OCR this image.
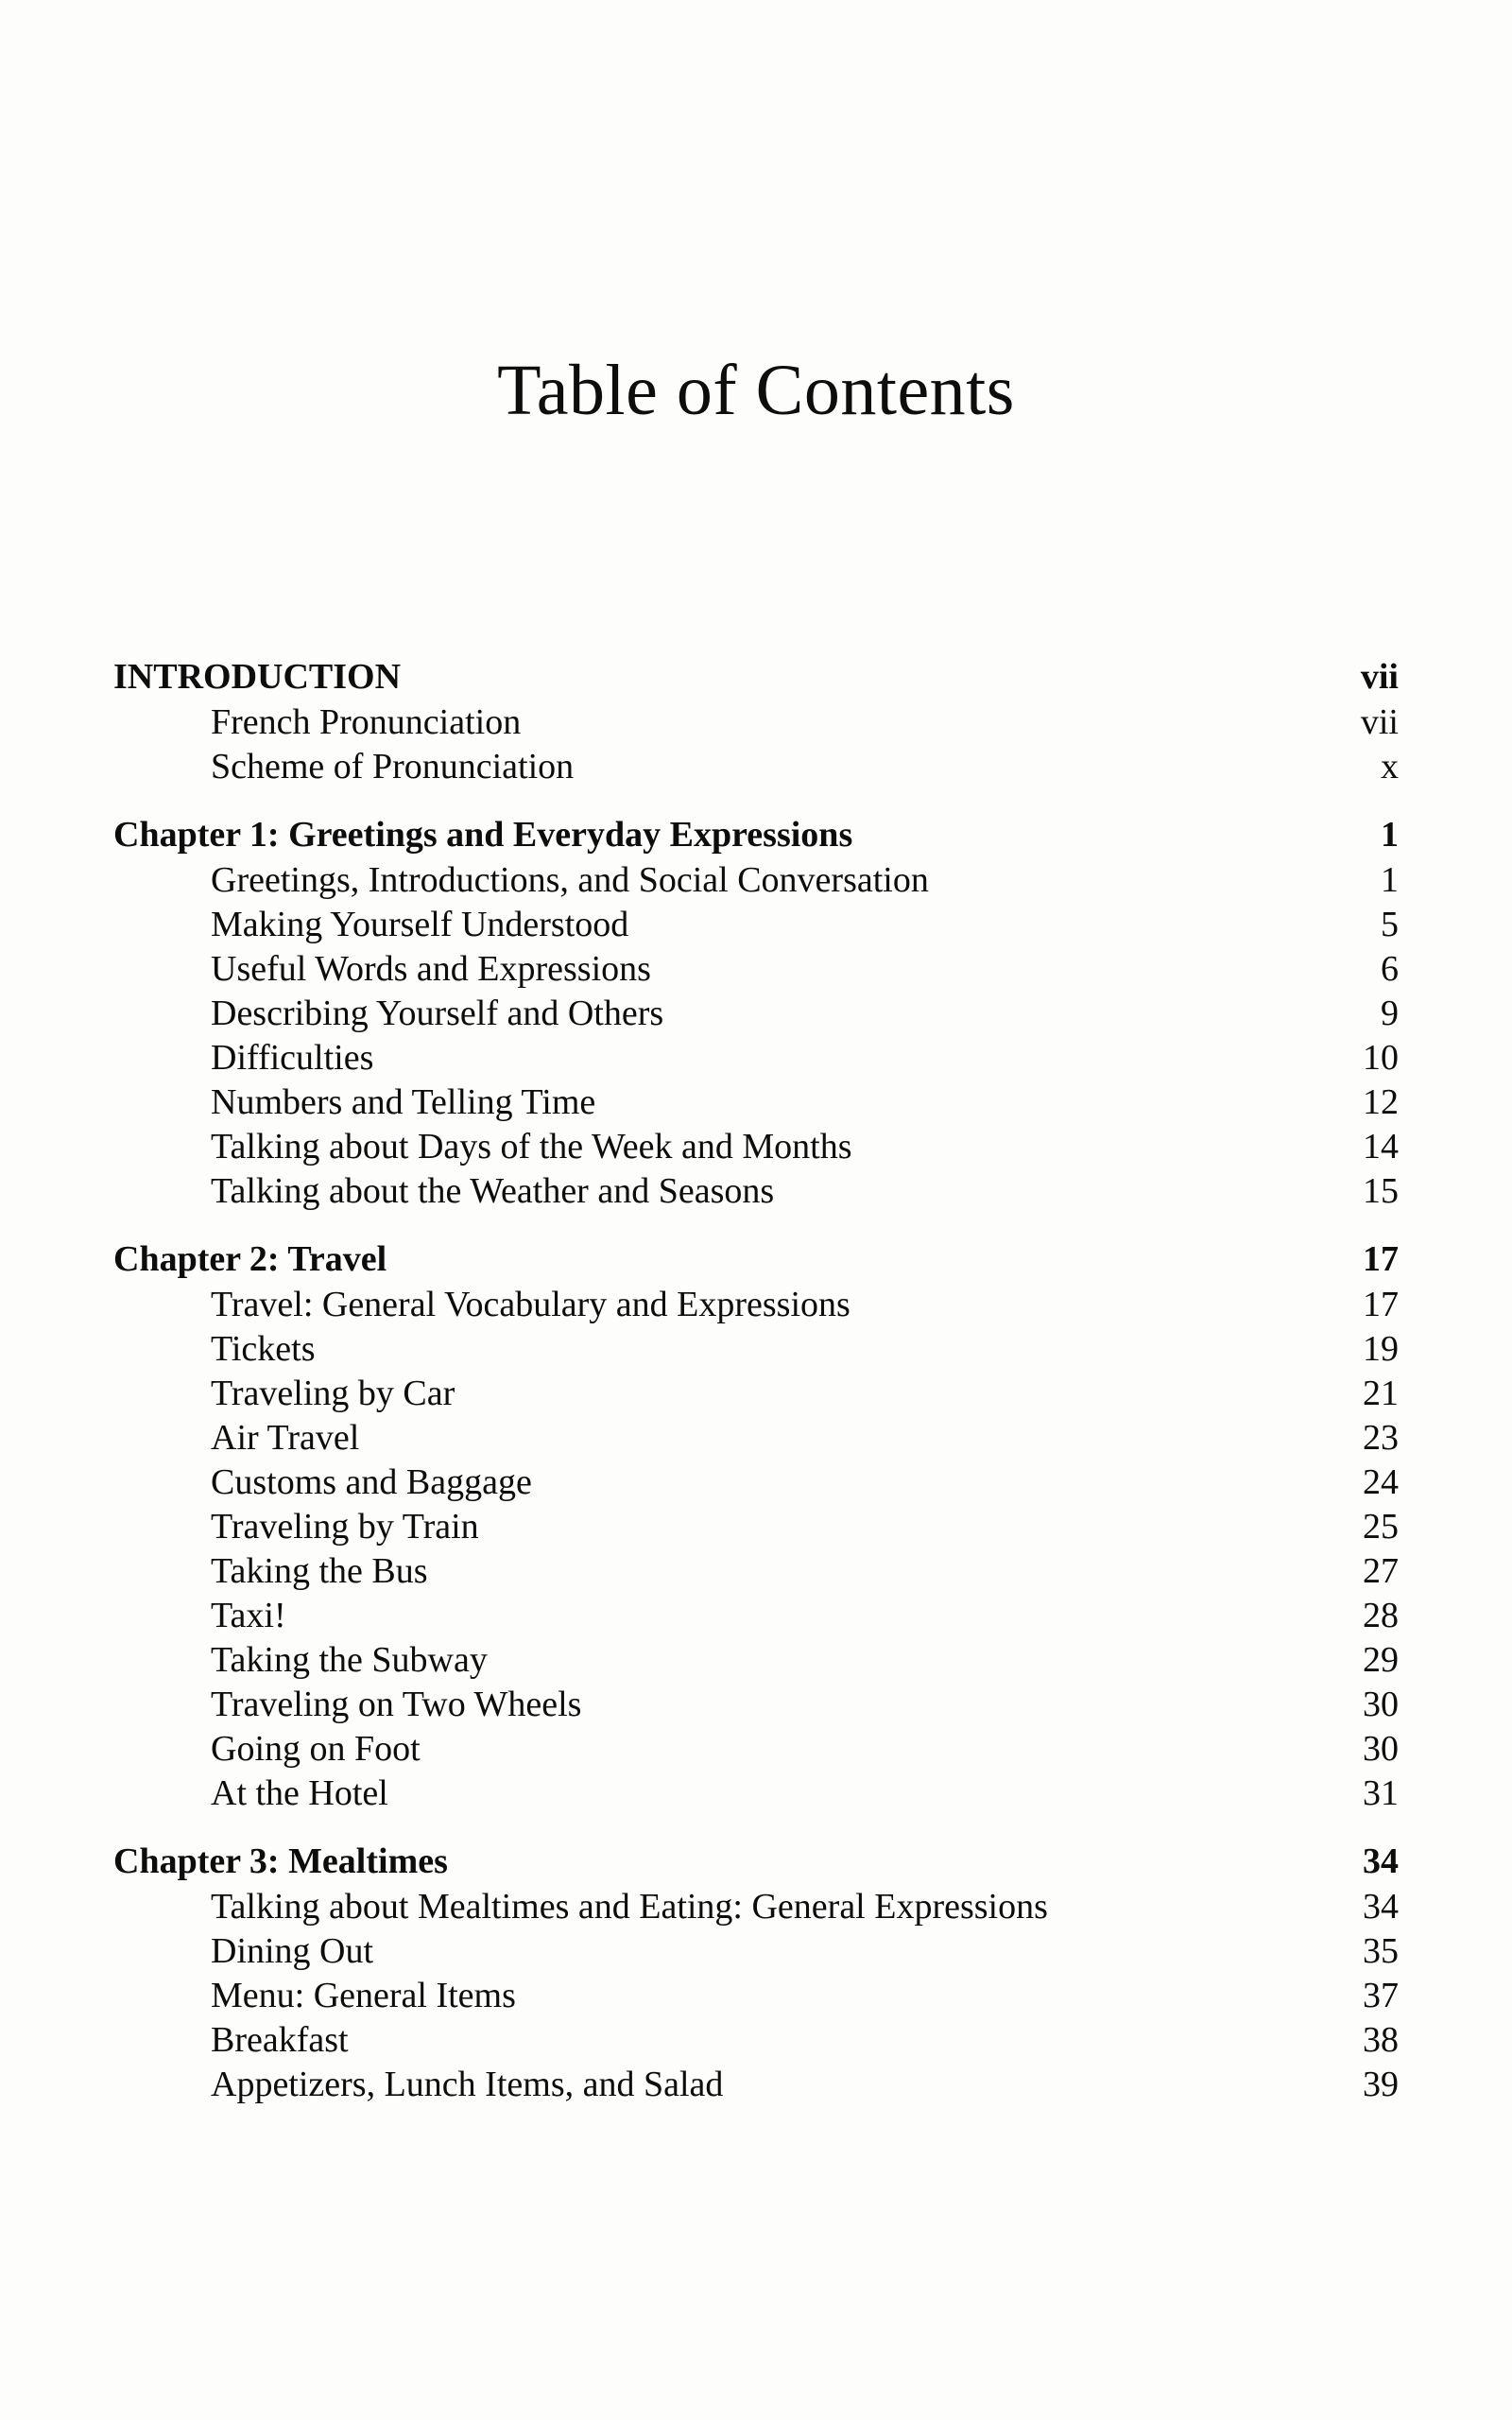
Table of Contents
INTRODUCTION	vii
French Pronunciation	vii
Scheme of Pronunciation	x
Chapter 1: Greetings and Everyday Expressions	1
Greetings, Introductions, and Social Conversation	1
Making Yourself Understood	5
Useful Words and Expressions	6
Describing Yourself and Others	9
Difficulties	10
Numbers and Telling Time	12
Talking about Days of the Week and Months	14
Talking about the Weather and Seasons	15
Chapter 2: Travel	17
Travel: General Vocabulary and Expressions	17
Tickets	19
Traveling by Car	21
Air Travel	23
Customs and Baggage	24
Traveling by Train	25
Taking the Bus	27
Taxi!	28
Taking the Subway	29
Traveling on Two Wheels	30
Going on Foot	30
At the Hotel	31
Chapter 3: Mealtimes	34
Talking about Mealtimes and Eating: General Expressions	34
Dining Out	35
Menu: General Items	37
Breakfast	38
Appetizers, Lunch Items, and Salad	39
